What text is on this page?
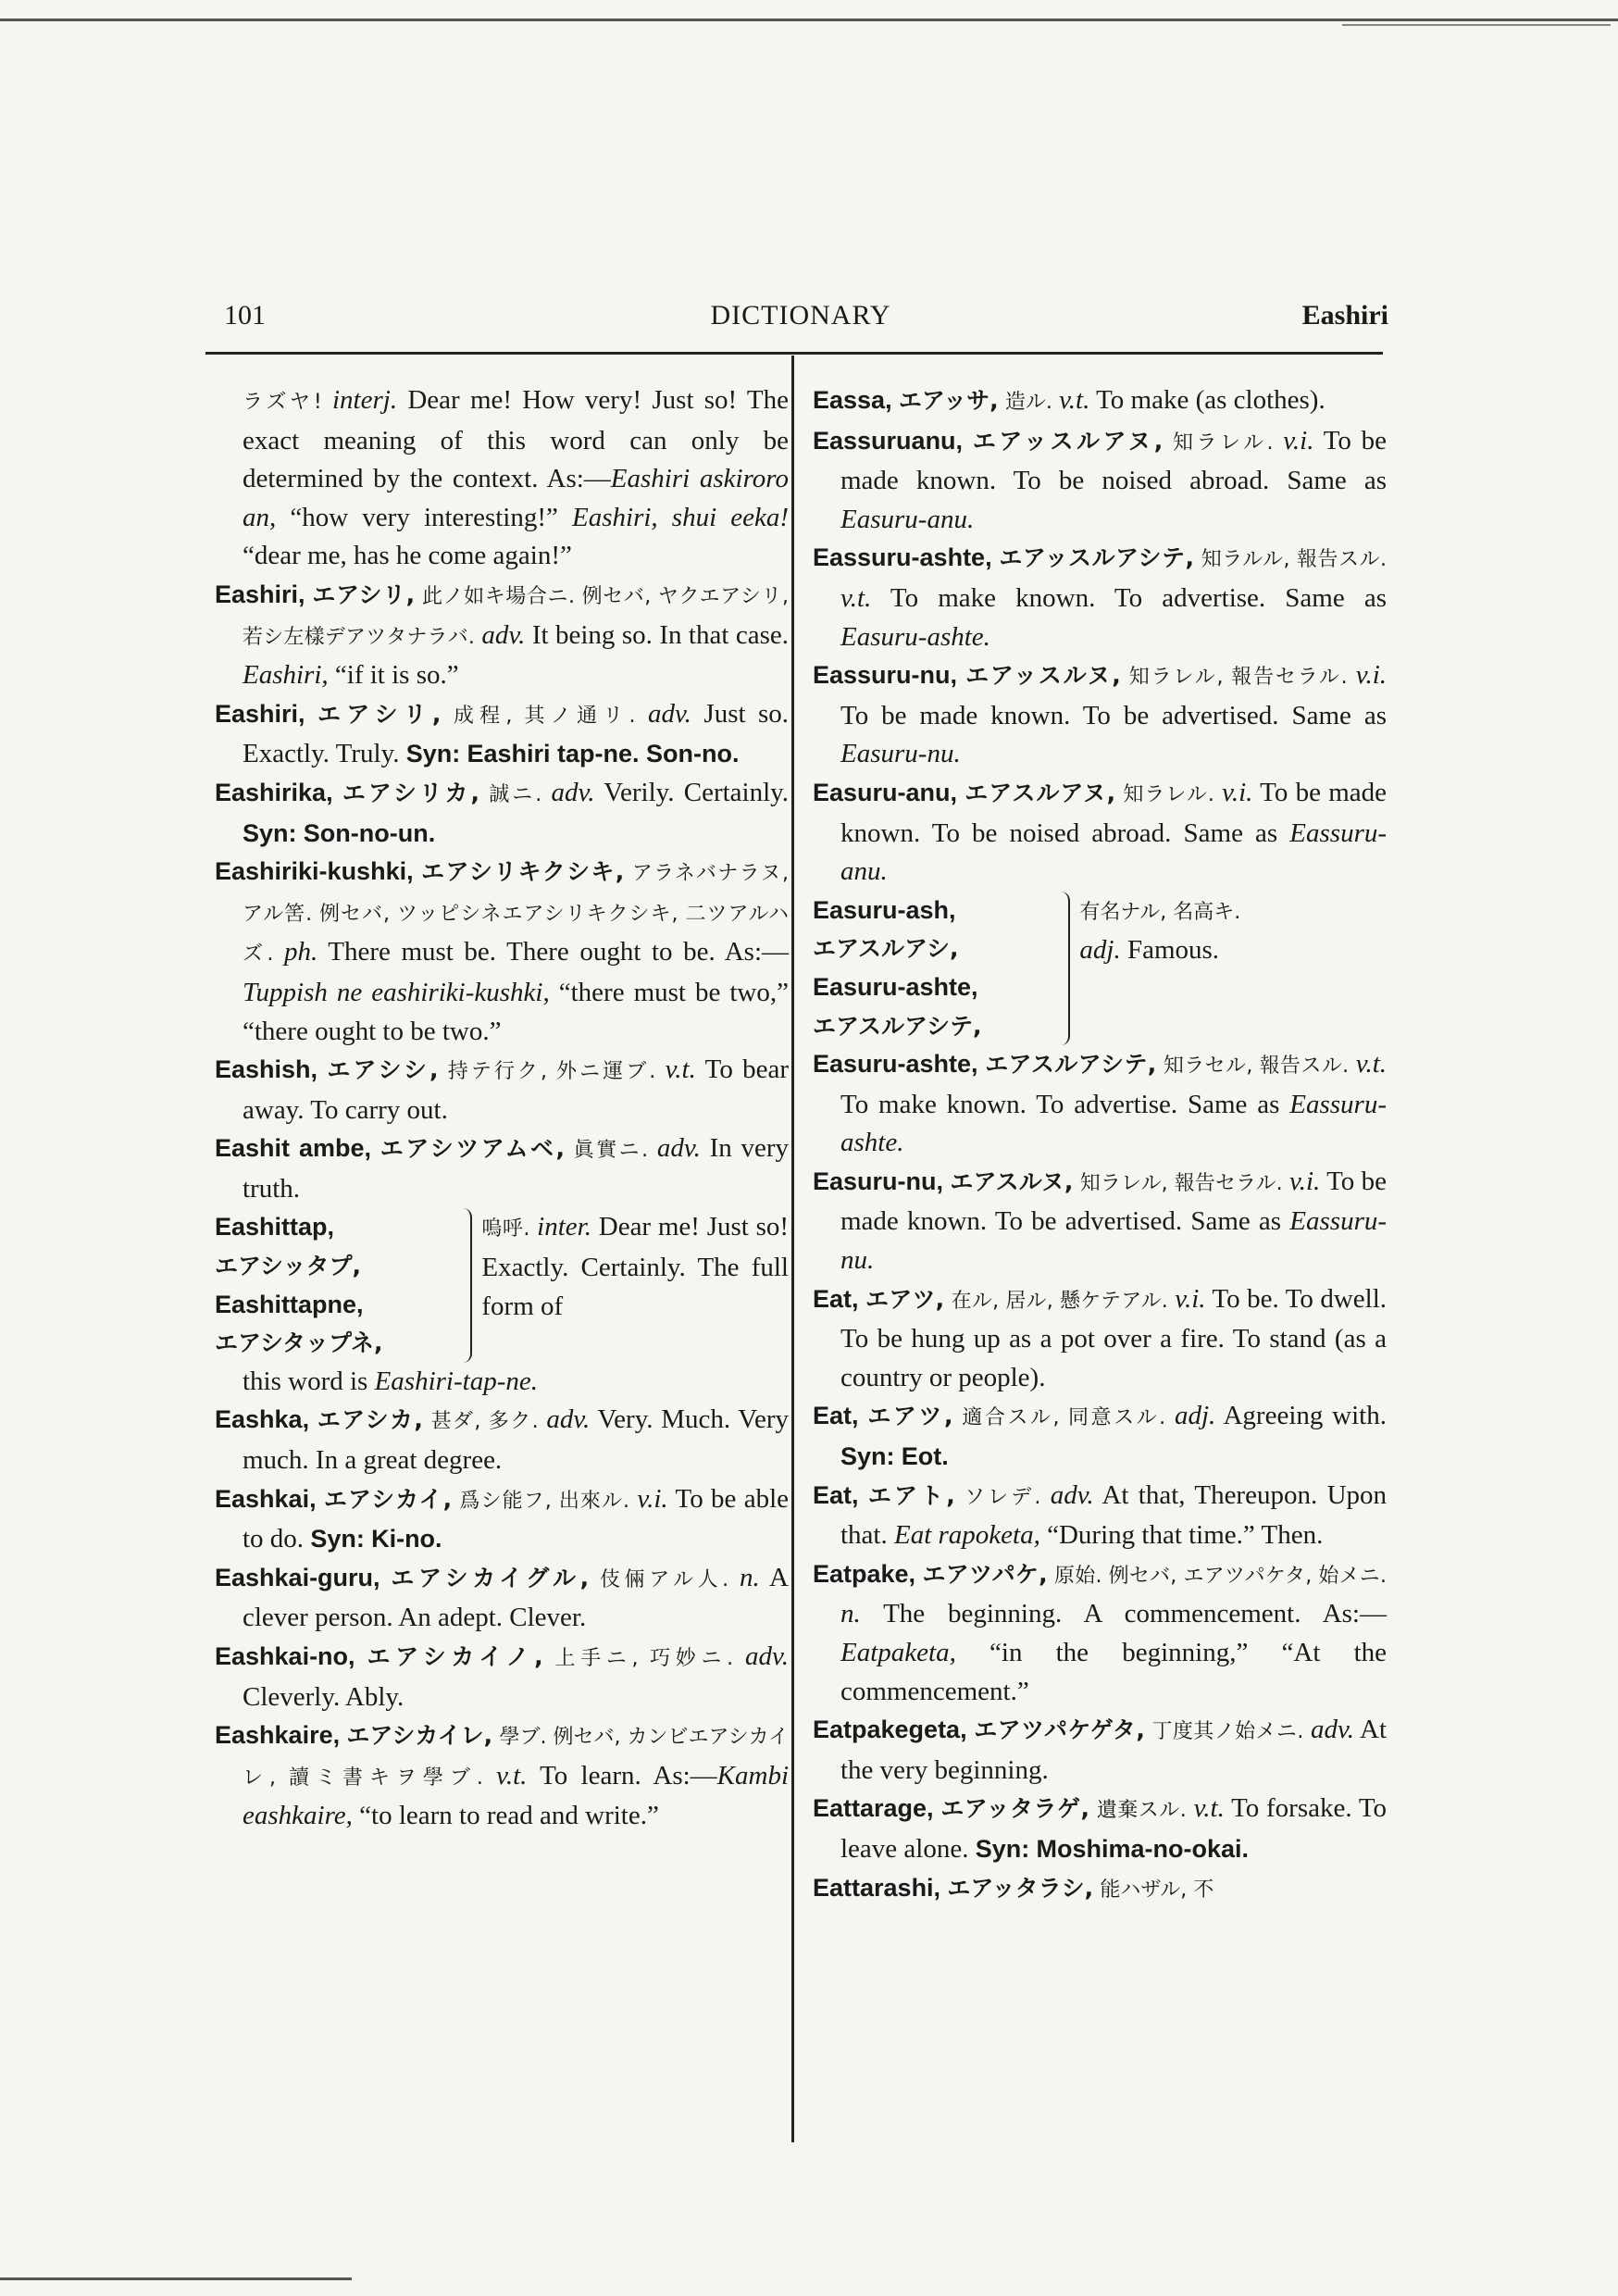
101	DICTIONARY	Eashiri
ラズヤ! interj. Dear me! How very! Just so! The exact meaning of this word can only be determined by the context. As:—Eashiri askiroro an, “how very interesting!” Eashiri, shui eeka! “dear me, has he come again!”
Eashiri, エアシリ, 此ノ如キ場合ニ. 例セバ, ヤクエアシリ, 若シ左樣デアツタナラバ. adv. It being so. In that case. Eashiri, “if it is so.”
Eashiri, エアシリ, 成程, 其ノ通リ. adv. Just so. Exactly. Truly. Syn: Eashiri tap-ne. Son-no.
Eashirika, エアシリカ, 誠ニ. adv. Verily. Certainly. Syn: Son-no-un.
Eashiriki-kushki, エアシリキクシキ, アラネバナラヌ, アル筈. 例セバ, ツッピシネエアシリキクシキ, 二ツアルハズ. ph. There must be. There ought to be. As:—Tuppish ne eashiriki-kushki, “there must be two,” “there ought to be two.”
Eashish, エアシシ, 持テ行ク, 外ニ運ブ. v.t. To bear away. To carry out.
Eashit ambe, エアシツアムベ, 眞實ニ. adv. In very truth.
Eashittap,
エアシッタプ,
Eashittapne,
エアシタップネ,
嗚呼. inter. Dear me! Just so! Exactly. Certainly. The full form of
this word is Eashiri-tap-ne.
Eashka, エアシカ, 甚ダ, 多ク. adv. Very. Much. Very much. In a great degree.
Eashkai, エアシカイ, 爲シ能フ, 出來ル. v.i. To be able to do. Syn: Ki-no.
Eashkai-guru, エアシカイグル, 伎倆アル人. n. A clever person. An adept. Clever.
Eashkai-no, エアシカイノ, 上手ニ, 巧妙ニ. adv. Cleverly. Ably.
Eashkaire, エアシカイレ, 學ブ. 例セバ, カンビエアシカイレ, 讀ミ書キヲ學ブ. v.t. To learn. As:—Kambi eashkaire, “to learn to read and write.”
Eassa, エアッサ, 造ル. v.t. To make (as clothes).
Eassuruanu, エアッスルアヌ, 知ラレル. v.i. To be made known. To be noised abroad. Same as Easuru-anu.
Eassuru-ashte, エアッスルアシテ, 知ラルル, 報告スル. v.t. To make known. To advertise. Same as Easuru-ashte.
Eassuru-nu, エアッスルヌ, 知ラレル, 報告セラル. v.i. To be made known. To be advertised. Same as Easuru-nu.
Easuru-anu, エアスルアヌ, 知ラレル. v.i. To be made known. To be noised abroad. Same as Eassuru-anu.
Easuru-ash,
エアスルアシ,
Easuru-ashte,
エアスルアシテ,
有名ナル, 名高キ.
adj. Famous.
Easuru-ashte, エアスルアシテ, 知ラセル, 報告スル. v.t. To make known. To advertise. Same as Eassuru-ashte.
Easuru-nu, エアスルヌ, 知ラレル, 報告セラル. v.i. To be made known. To be advertised. Same as Eassuru-nu.
Eat, エアツ, 在ル, 居ル, 懸ケテアル. v.i. To be. To dwell. To be hung up as a pot over a fire. To stand (as a country or people).
Eat, エアツ, 適合スル, 同意スル. adj. Agreeing with. Syn: Eot.
Eat, エアト, ソレデ. adv. At that, Thereupon. Upon that. Eat rapoketa, “During that time.” Then.
Eatpake, エアツパケ, 原始. 例セバ, エアツパケタ, 始メニ. n. The beginning. A commencement. As:—Eatpaketa, “in the beginning,” “At the commencement.”
Eatpakegeta, エアツパケゲタ, 丁度其ノ始メニ. adv. At the very beginning.
Eattarage, エアッタラゲ, 遺棄スル. v.t. To forsake. To leave alone. Syn: Moshima-no-okai.
Eattarashi, エアッタラシ, 能ハザル, 不
